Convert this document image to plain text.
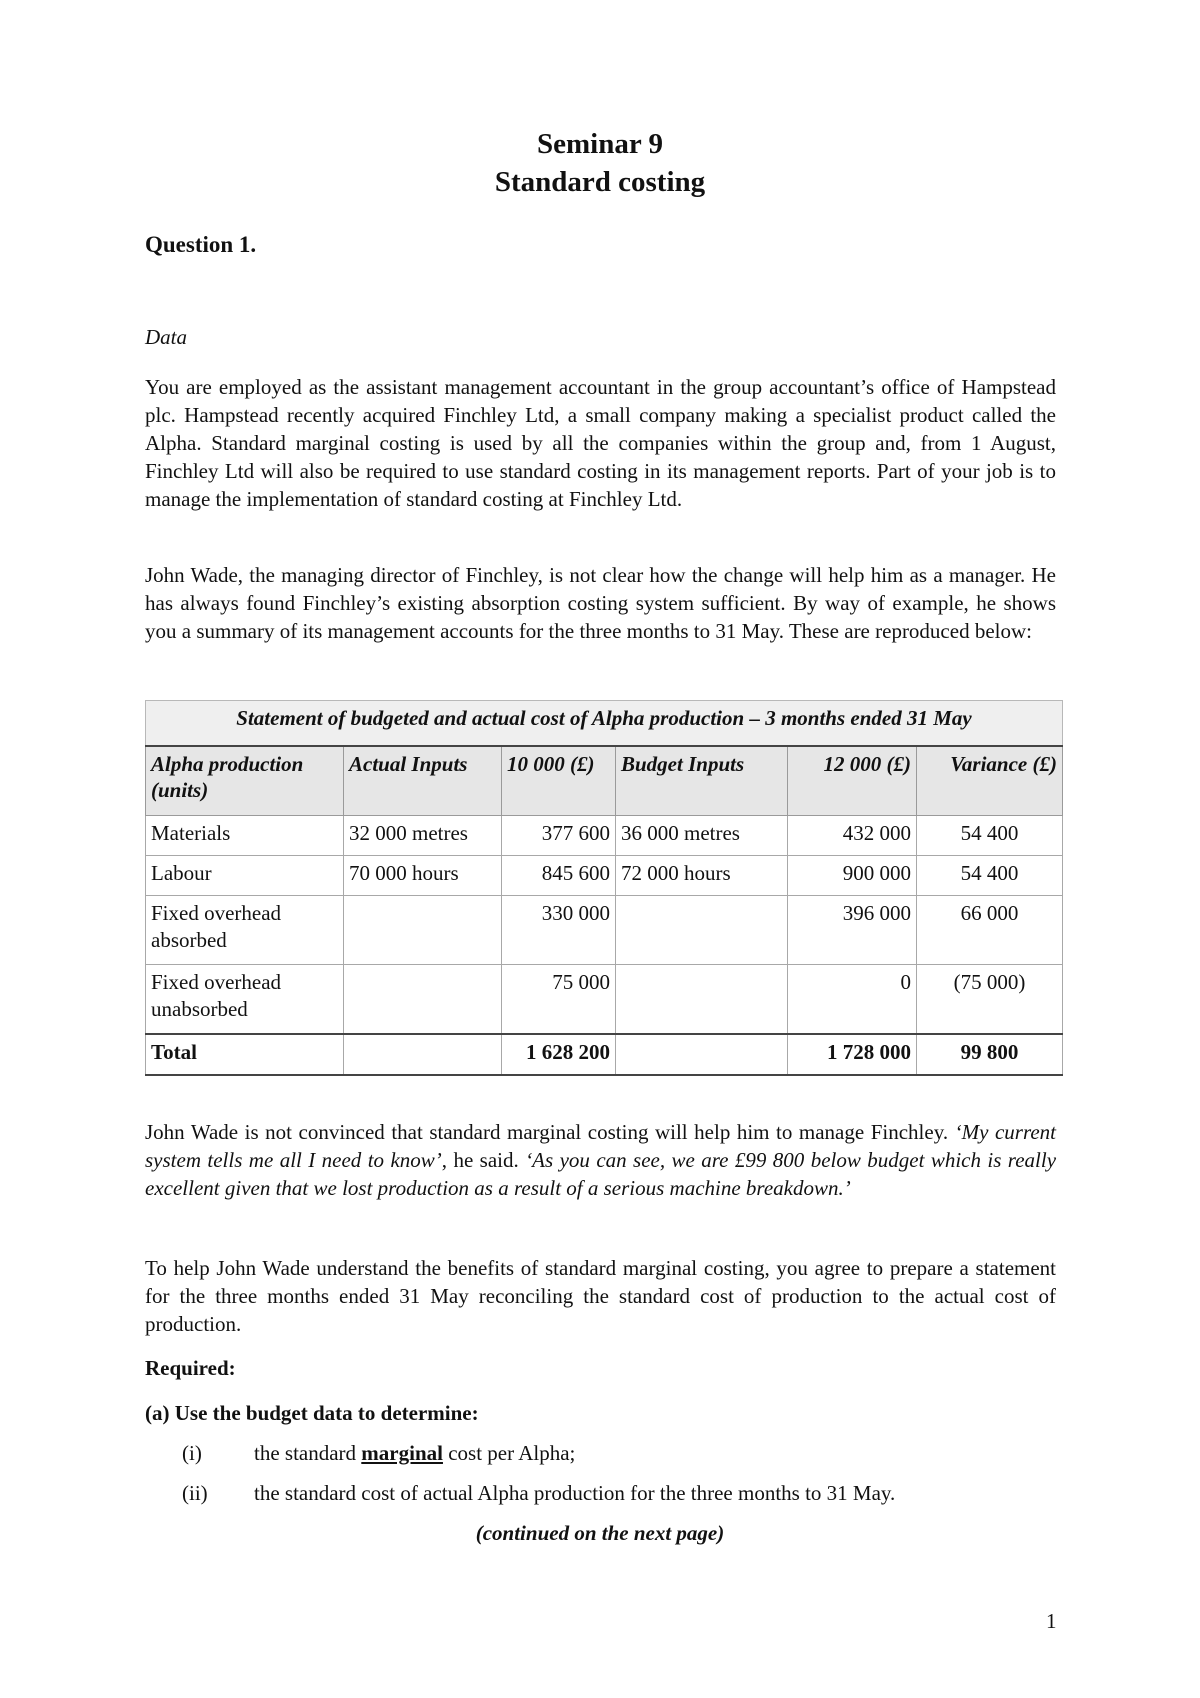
Seminar 9
Standard costing
Question 1.
Data
You are employed as the assistant management accountant in the group accountant’s office of Hampstead plc. Hampstead recently acquired Finchley Ltd, a small company making a specialist product called the Alpha. Standard marginal costing is used by all the companies within the group and, from 1 August, Finchley Ltd will also be required to use standard costing in its management reports. Part of your job is to manage the implementation of standard costing at Finchley Ltd.
John Wade, the managing director of Finchley, is not clear how the change will help him as a manager. He has always found Finchley’s existing absorption costing system sufficient. By way of example, he shows you a summary of its management accounts for the three months to 31 May. These are reproduced below:
Statement of budgeted and actual cost of Alpha production – 3 months ended 31 May					
Alpha production (units)	Actual Inputs	10 000 (£)	Budget Inputs	12 000 (£)	Variance (£)
Materials	32 000 metres	377 600	36 000 metres	432 000	54 400
Labour	70 000 hours	845 600	72 000 hours	900 000	54 400
Fixed overhead absorbed		330 000		396 000	66 000
Fixed overhead unabsorbed		75 000		0	(75 000)
Total		1 628 200		1 728 000	99 800
John Wade is not convinced that standard marginal costing will help him to manage Finchley. ‘My current system tells me all I need to know’, he said. ‘As you can see, we are £99 800 below budget which is really excellent given that we lost production as a result of a serious machine breakdown.’
To help John Wade understand the benefits of standard marginal costing, you agree to prepare a statement for the three months ended 31 May reconciling the standard cost of production to the actual cost of production.
Required:
(a) Use the budget data to determine:
(i) the standard marginal cost per Alpha;
(ii) the standard cost of actual Alpha production for the three months to 31 May.
(continued on the next page)
1
